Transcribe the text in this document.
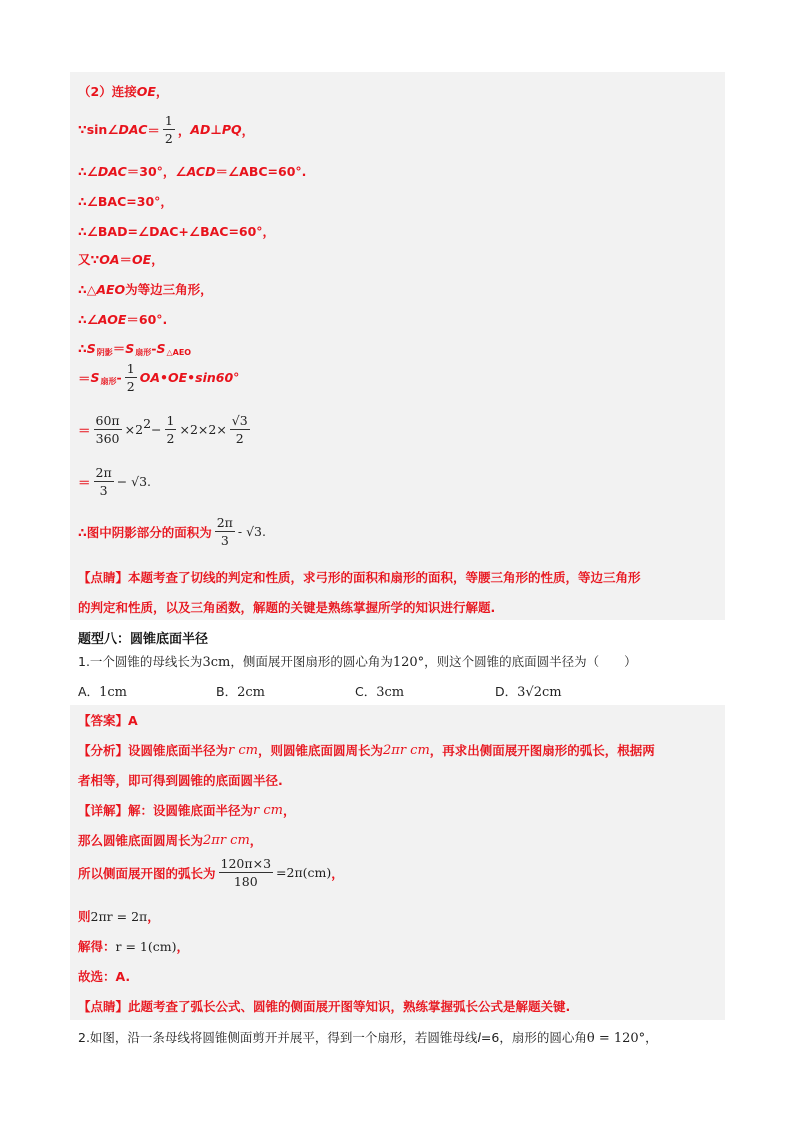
（2）连接 OE ，
∵sin∠ DAC ＝ $\frac{1}{2}$ ， AD ⊥ PQ ，
∴∠ DAC ＝30°，∠ ACD ＝∠ABC=60°.
∴∠BAC=30°，
∴∠BAD=∠DAC+∠BAC=60°，
又∵ OA ＝ OE ，
∴△ AEO 为等边三角形，
∴∠ AOE ＝60°.
∴ S 阴影 ＝ S 扇形 - S △AEO
＝ S 扇形 - $\frac{1}{2}$ OA•OE•sin60°
＝ $\frac{60\pi}{360} \times 2^2 - \frac{1}{2} \times 2\times 2\times \frac{√3}{2}$
＝ $\frac{2\pi}{3} - √3$.
∴图中阴影部分的面积为 $\frac{2\pi}{3} - √3$.
【点睛】本题考查了切线的判定和性质，求弓形的面积和扇形的面积，等腰三角形的性质，等边三角形
的判定和性质，以及三角函数，解题的关键是熟练掌握所学的知识进行解题.
题型八：圆锥底面半径
1.一个圆锥的母线长为3cm，侧面展开图扇形的圆心角为120°，则这个圆锥的底面圆半径为（　　）
A．1cm	B．2cm	C．3cm	D．3√2cm
【答案】A
【分析】设圆锥底面半径为 r cm ，则圆锥底面圆周长为 2πr cm ，再求出侧面展开图扇形的弧长，根据两
者相等，即可得到圆锥的底面圆半径.
【详解】解：设圆锥底面半径为 r cm ，
那么圆锥底面圆周长为 2πr cm ，
所以侧面展开图的弧长为 $\frac{120\pi\times 3}{180} =2\pi(cm)$ ，
则 2πr = 2π ，
解得： r = 1(cm) ，
故选：A.
【点睛】此题考查了弧长公式、圆锥的侧面展开图等知识，熟练掌握弧长公式是解题关键.
2.如图，沿一条母线将圆锥侧面剪开并展平，得到一个扇形，若圆锥母线l=6，扇形的圆心角θ = 120°，
